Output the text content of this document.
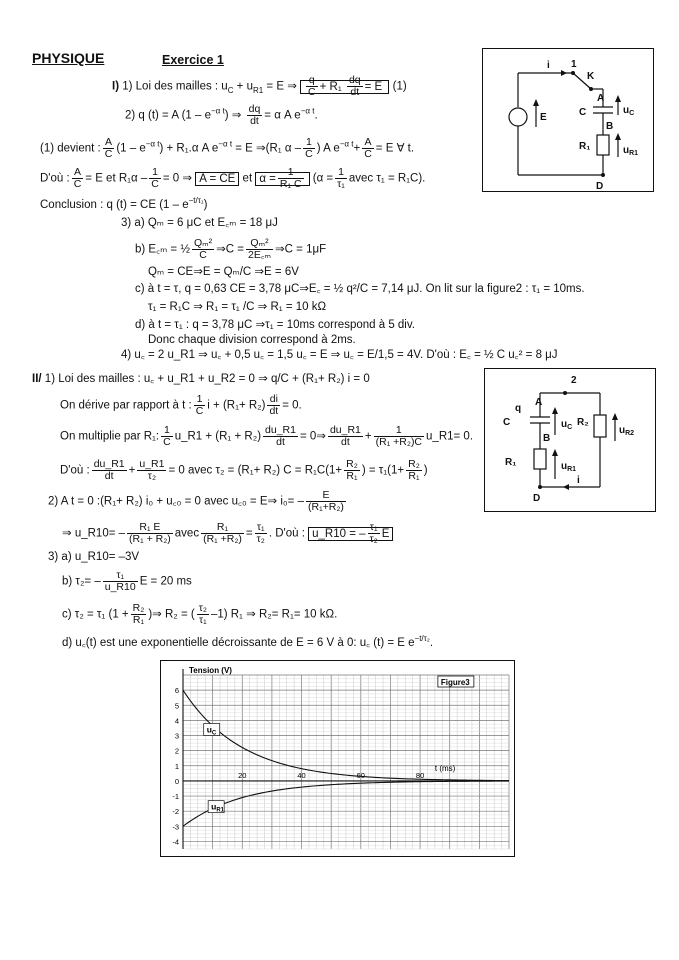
PHYSIQUE	Exercice 1
I) 1) Loi des mailles : $u_C + u_{R1} = E$ ⇒ $\frac{q}{C} + R_1 \frac{dq}{dt} = E$ (1)
2) q (t) = A $(1 - e^{-\alpha t})$ ⇒ $\frac{dq}{dt} = \alpha$ A $e^{-\alpha t}$.
(1) devient : $\frac{A}{C} (1 - e^{-\alpha t}) + R_1.\alpha$ A $e^{-\alpha t} = E$ ⇒(R₁ α – $\frac{1}{C}$ ) A $e^{-\alpha t}+ \frac{A}{C} = E$ ∀ t.
D'où : $\frac{A}{C} = E$ et $R_1\alpha - \frac{1}{C} = 0$ ⇒ A = CE et $\alpha = \frac{1}{\text{R₁ C}} (\alpha = \frac{1}{\text{τ₁}}$ avec τ₁ = R₁C).
Conclusion : q (t) = CE $(1 - e^{-t/\tau_1})$
3) a) Qₘ = 6 μC et E꜀ₘ = 18 μJ
b) E꜀ₘ = ½ $\frac{\text{Qₘ²}}{C}$ ⇒C = $\frac{\text{Qₘ²}}{\text{2E꜀ₘ}}$ ⇒C = 1μF
Qₘ = CE⇒E = Qₘ/C ⇒E = 6V
c) à t = τ, q = 0,63 CE = 3,78 μC⇒E꜀ = ½ q²/C = 7,14 μJ. On lit sur la figure2 : τ₁ = 10ms.
τ₁ = R₁C ⇒ R₁ = τ₁ /C ⇒ R₁ = 10 kΩ
d) à t = τ₁ : q = 3,78 μC ⇒τ₁ = 10ms correspond à 5 div.
Donc chaque division correspond à 2ms.
4) u꜀ = 2 u_R1 ⇒ u꜀ + 0,5 u꜀ = 1,5 u꜀ = E ⇒ u꜀ = E/1,5 = 4V. D'où : E꜀ = ½ C u꜀² = 8 μJ
II/ 1) Loi des mailles : u꜀ + u_R1 + u_R2 = 0 ⇒ q/C + (R₁+ R₂) i = 0
On dérive par rapport à t : $\frac{1}{C}$ $i + (R_1+ R_2) \frac{di}{dt} = 0$.
On multiplie par R₁: $\frac{1}{C}$ u_R1 + $(R_1 + R_2) \frac{du\_R1}{dt}$ = 0⇒ $\frac{du\_R1}{dt} + \frac{1}{\text{(R₁ +R₂)C}}$ u_R1= 0.
D'où : $\frac{du\_R1}{dt} + \frac{u\_R1}{\text{τ₂}} = 0$ avec τ₂ = (R₁+ R₂) $C = R_1C(1+ \frac{\text{R₂}}{\text{R₁}}$ ) = $\tau_1(1+ \frac{\text{R₂}}{\text{R₁}}$ )
2) A t = 0 :(R₁+ R₂) i₀ + u꜀₀ = 0 avec u꜀₀ = E⇒ $i_0= - \frac{E}{\text{(R₁+R₂)}}$
⇒ u_R10= – $\frac{\text{R₁ E}}{\text{(R₁ + R₂)}}$ avec $\frac{\text{R₁}}{\text{(R₁ +R₂)}} = \frac{\text{τ₁}}{\text{τ₂}}$ . D'où : u_R10 = – $\frac{\text{τ₁}}{\text{τ₂}}$ E
3) a) u_R10= –3V
b) $\tau_2= - \frac{\text{τ₁}}{u\_R10}$ E = 20 ms
c) τ₂ = τ₁ ($1 + \frac{\text{R₂}}{\text{R₁}}$ )⇒ R₂ = ( $\frac{\text{τ₂}}{\text{τ₁}} -1$) R₁ ⇒ R₂= R₁= 10 kΩ.
d) u꜀(t) est une exponentielle décroissante de E = 6 V à 0: u꜀ (t) = E $e^{-t/\tau_2}$.
i 1
K
A
C	$u_C$
B
E
R₁	$u_{R1}$
D
2
q
A
C	$u_C$ R₂
$u_{R2}$
B
R₁	$u_{R1}$
D
i
6
5
4
3
2
1
0
-1
-2
-3
-4
20	40	60	80
$u_C$
$u_{R1}$
Tension (V)
t (ms)
Figure3
